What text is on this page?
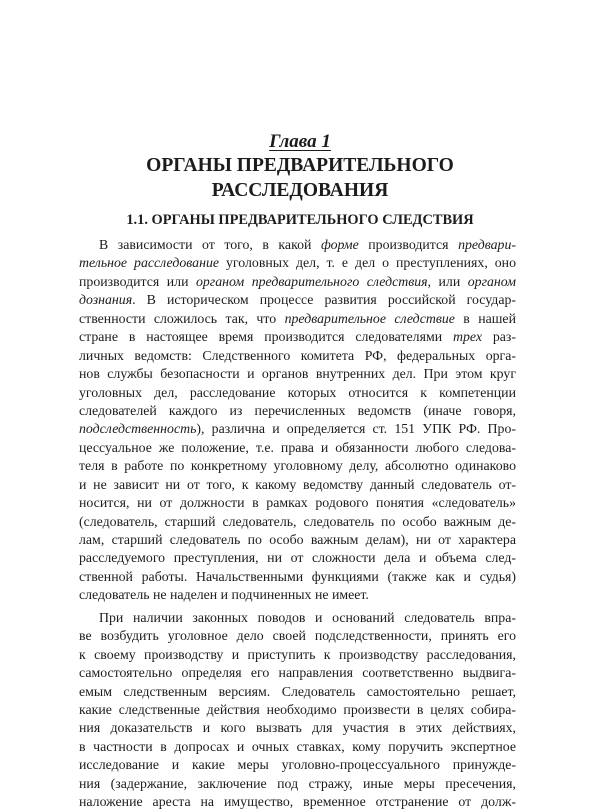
Глава 1
ОРГАНЫ ПРЕДВАРИТЕЛЬНОГО
РАССЛЕДОВАНИЯ
1.1. ОРГАНЫ ПРЕДВАРИТЕЛЬНОГО СЛЕДСТВИЯ
В зависимости от того, в какой форме производится предвари-
тельное расследование уголовных дел, т. е дел о преступлениях, оно
производится или органом предварительного следствия, или органом
дознания. В историческом процессе развития российской государ-
ственности сложилось так, что предварительное следствие в нашей
стране в настоящее время производится следователями трех раз-
личных ведомств: Следственного комитета РФ, федеральных орга-
нов службы безопасности и органов внутренних дел. При этом круг
уголовных дел, расследование которых относится к компетенции
следователей каждого из перечисленных ведомств (иначе говоря,
подследственность), различна и определяется ст. 151 УПК РФ. Про-
цессуальное же положение, т.е. права и обязанности любого следова-
теля в работе по конкретному уголовному делу, абсолютно одинаково
и не зависит ни от того, к какому ведомству данный следователь от-
носится, ни от должности в рамках родового понятия «следователь»
(следователь, старший следователь, следователь по особо важным де-
лам, старший следователь по особо важным делам), ни от характера
расследуемого преступления, ни от сложности дела и объема след-
ственной работы. Начальственными функциями (также как и судья)
следователь не наделен и подчиненных не имеет.
При наличии законных поводов и оснований следователь впра-
ве возбудить уголовное дело своей подследственности, принять его
к своему производству и приступить к производству расследования,
самостоятельно определяя его направления соответственно выдвига-
емым следственным версиям. Следователь самостоятельно решает,
какие следственные действия необходимо произвести в целях собира-
ния доказательств и кого вызвать для участия в этих действиях,
в частности в допросах и очных ставках, кому поручить экспертное
исследование и какие меры уголовно-процессуального принужде-
ния (задержание, заключение под стражу, иные меры пресечения,
наложение ареста на имущество, временное отстранение от долж-
